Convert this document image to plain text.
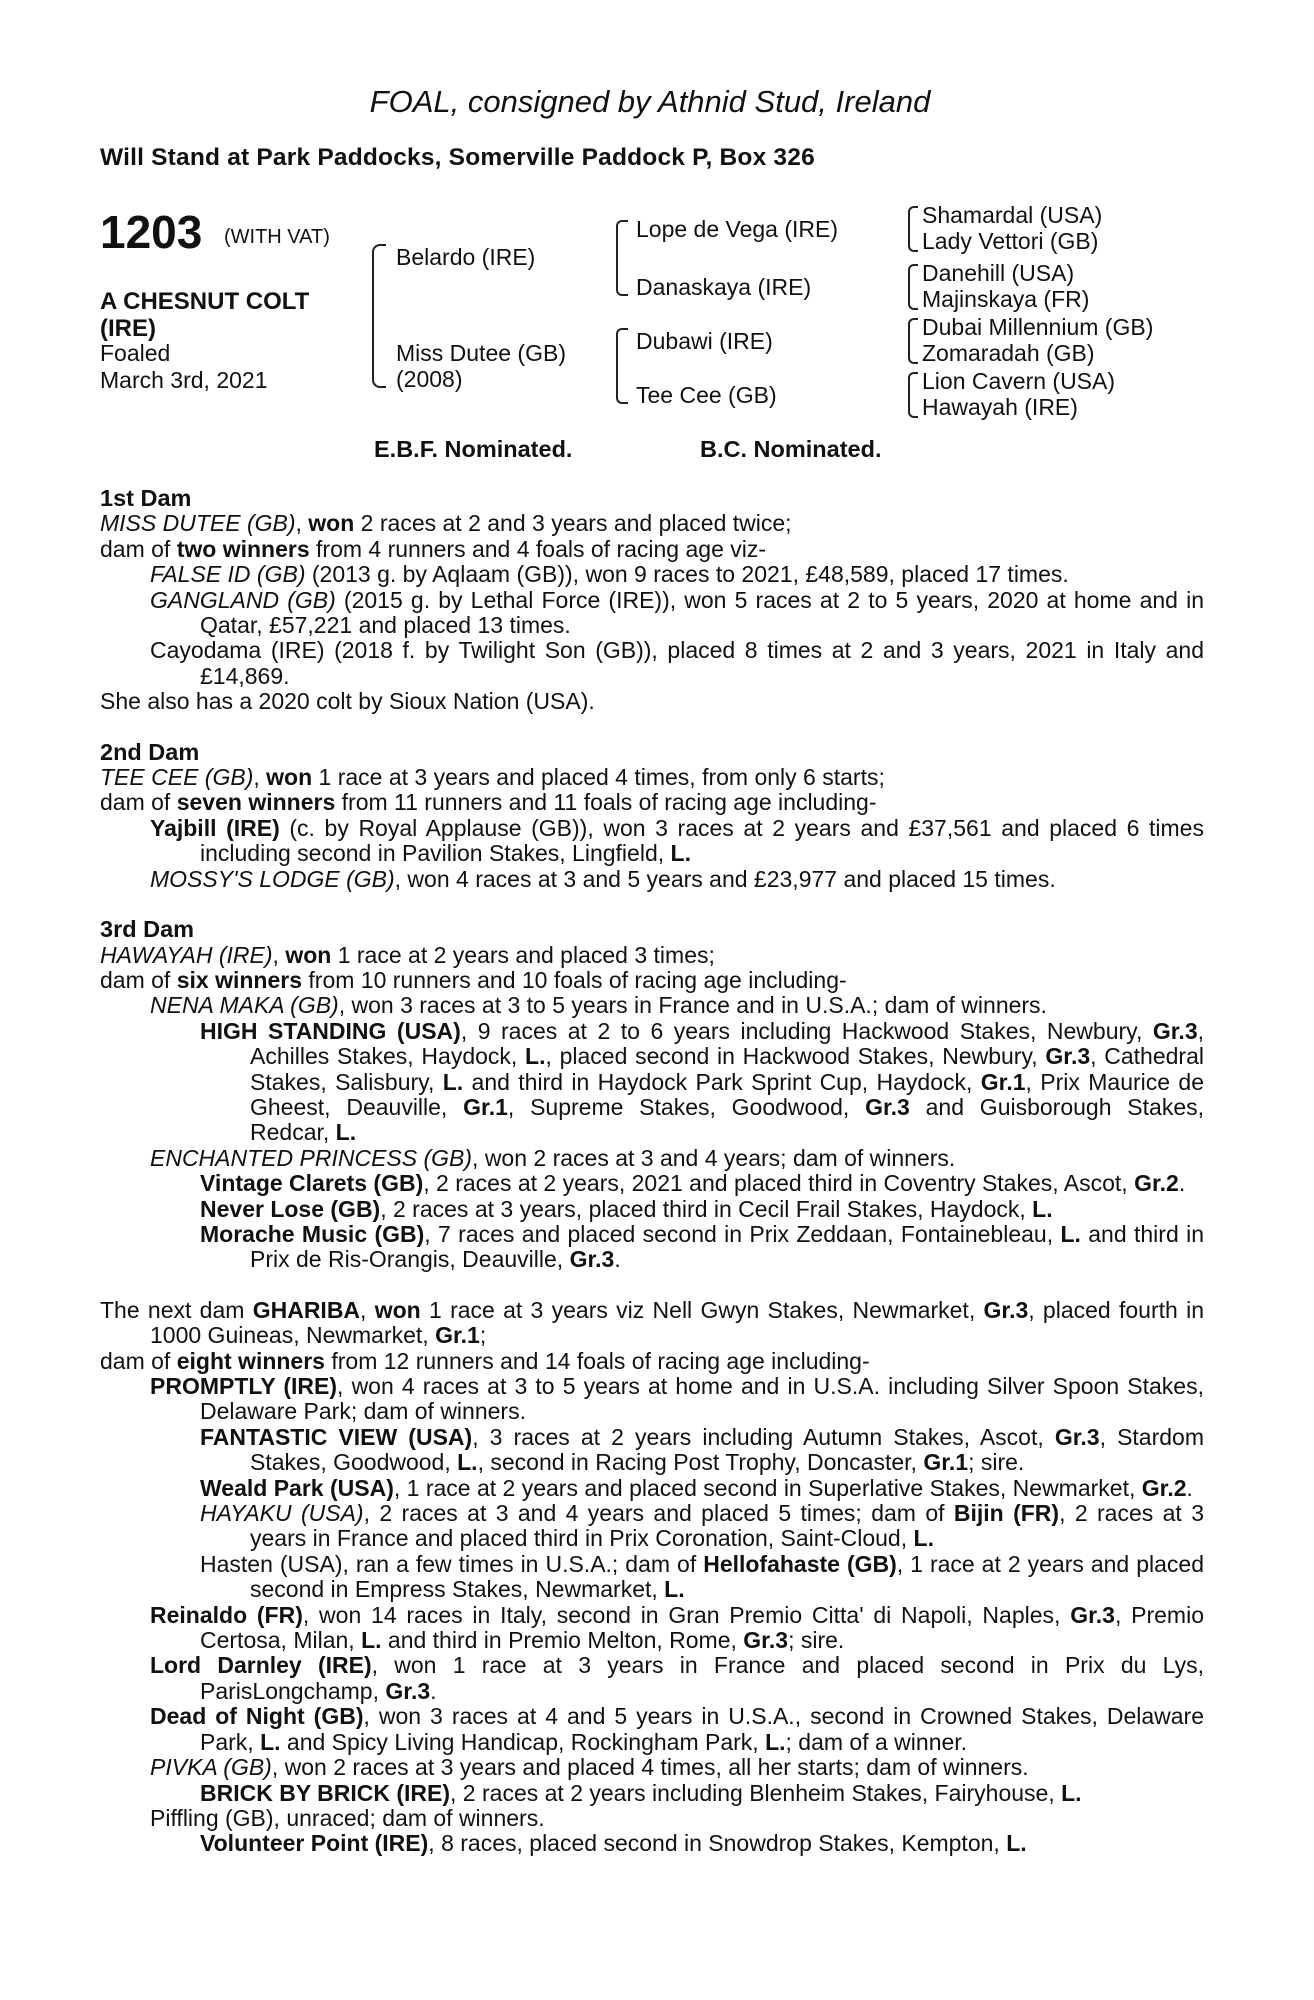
FOAL, consigned by Athnid Stud, Ireland
Will Stand at Park Paddocks, Somerville Paddock P, Box 326
1203 (WITH VAT)
A CHESNUT COLT (IRE)
Foaled
March 3rd, 2021
Belardo (IRE)
Miss Dutee (GB)
(2008)
Lope de Vega (IRE)
Danaskaya (IRE)
Dubawi (IRE)
Tee Cee (GB)
Shamardal (USA)
Lady Vettori (GB)
Danehill (USA)
Majinskaya (FR)
Dubai Millennium (GB)
Zomaradah (GB)
Lion Cavern (USA)
Hawayah (IRE)
E.B.F. Nominated.	B.C. Nominated.
1st Dam
MISS DUTEE (GB), won 2 races at 2 and 3 years and placed twice;
dam of two winners from 4 runners and 4 foals of racing age viz-
FALSE ID (GB) (2013 g. by Aqlaam (GB)), won 9 races to 2021, £48,589, placed 17 times.
GANGLAND (GB) (2015 g. by Lethal Force (IRE)), won 5 races at 2 to 5 years, 2020 at home and in Qatar, £57,221 and placed 13 times.
Cayodama (IRE) (2018 f. by Twilight Son (GB)), placed 8 times at 2 and 3 years, 2021 in Italy and £14,869.
She also has a 2020 colt by Sioux Nation (USA).
2nd Dam
TEE CEE (GB), won 1 race at 3 years and placed 4 times, from only 6 starts;
dam of seven winners from 11 runners and 11 foals of racing age including-
Yajbill (IRE) (c. by Royal Applause (GB)), won 3 races at 2 years and £37,561 and placed 6 times including second in Pavilion Stakes, Lingfield, L.
MOSSY'S LODGE (GB), won 4 races at 3 and 5 years and £23,977 and placed 15 times.
3rd Dam
HAWAYAH (IRE), won 1 race at 2 years and placed 3 times;
dam of six winners from 10 runners and 10 foals of racing age including-
NENA MAKA (GB), won 3 races at 3 to 5 years in France and in U.S.A.; dam of winners.
HIGH STANDING (USA), 9 races at 2 to 6 years including Hackwood Stakes, Newbury, Gr.3, Achilles Stakes, Haydock, L., placed second in Hackwood Stakes, Newbury, Gr.3, Cathedral Stakes, Salisbury, L. and third in Haydock Park Sprint Cup, Haydock, Gr.1, Prix Maurice de Gheest, Deauville, Gr.1, Supreme Stakes, Goodwood, Gr.3 and Guisborough Stakes, Redcar, L.
ENCHANTED PRINCESS (GB), won 2 races at 3 and 4 years; dam of winners.
Vintage Clarets (GB), 2 races at 2 years, 2021 and placed third in Coventry Stakes, Ascot, Gr.2.
Never Lose (GB), 2 races at 3 years, placed third in Cecil Frail Stakes, Haydock, L.
Morache Music (GB), 7 races and placed second in Prix Zeddaan, Fontainebleau, L. and third in Prix de Ris-Orangis, Deauville, Gr.3.
The next dam GHARIBA, won 1 race at 3 years viz Nell Gwyn Stakes, Newmarket, Gr.3, placed fourth in 1000 Guineas, Newmarket, Gr.1;
dam of eight winners from 12 runners and 14 foals of racing age including-
PROMPTLY (IRE), won 4 races at 3 to 5 years at home and in U.S.A. including Silver Spoon Stakes, Delaware Park; dam of winners.
FANTASTIC VIEW (USA), 3 races at 2 years including Autumn Stakes, Ascot, Gr.3, Stardom Stakes, Goodwood, L., second in Racing Post Trophy, Doncaster, Gr.1; sire.
Weald Park (USA), 1 race at 2 years and placed second in Superlative Stakes, Newmarket, Gr.2.
HAYAKU (USA), 2 races at 3 and 4 years and placed 5 times; dam of Bijin (FR), 2 races at 3 years in France and placed third in Prix Coronation, Saint-Cloud, L.
Hasten (USA), ran a few times in U.S.A.; dam of Hellofahaste (GB), 1 race at 2 years and placed second in Empress Stakes, Newmarket, L.
Reinaldo (FR), won 14 races in Italy, second in Gran Premio Citta' di Napoli, Naples, Gr.3, Premio Certosa, Milan, L. and third in Premio Melton, Rome, Gr.3; sire.
Lord Darnley (IRE), won 1 race at 3 years in France and placed second in Prix du Lys, ParisLongchamp, Gr.3.
Dead of Night (GB), won 3 races at 4 and 5 years in U.S.A., second in Crowned Stakes, Delaware Park, L. and Spicy Living Handicap, Rockingham Park, L.; dam of a winner.
PIVKA (GB), won 2 races at 3 years and placed 4 times, all her starts; dam of winners.
BRICK BY BRICK (IRE), 2 races at 2 years including Blenheim Stakes, Fairyhouse, L.
Piffling (GB), unraced; dam of winners.
Volunteer Point (IRE), 8 races, placed second in Snowdrop Stakes, Kempton, L.
